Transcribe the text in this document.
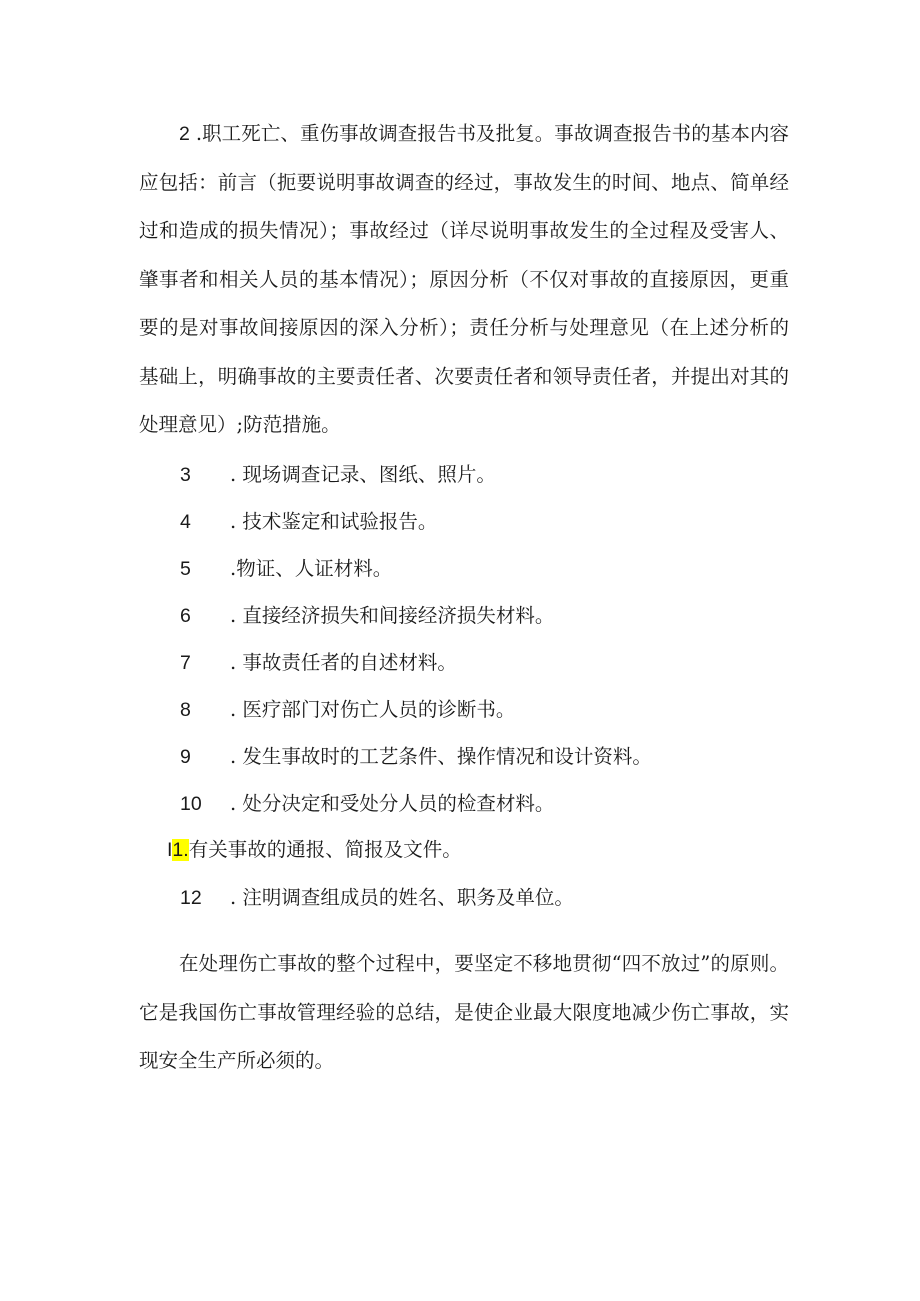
2 .职工死亡、重伤事故调查报告书及批复。事故调查报告书的基本内容应包括：前言（扼要说明事故调查的经过，事故发生的时间、地点、简单经过和造成的损失情况）；事故经过（详尽说明事故发生的全过程及受害人、肇事者和相关人员的基本情况）；原因分析（不仅对事故的直接原因，更重要的是对事故间接原因的深入分析）；责任分析与处理意见（在上述分析的基础上，明确事故的主要责任者、次要责任者和领导责任者，并提出对其的处理意见）;防范措施。

3 . 现场调查记录、图纸、照片。
4 . 技术鉴定和试验报告。
5 .物证、人证材料。
6 . 直接经济损失和间接经济损失材料。
7 . 事故责任者的自述材料。
8 . 医疗部门对伤亡人员的诊断书。
9 . 发生事故时的工艺条件、操作情况和设计资料。
10 . 处分决定和受处分人员的检查材料。
I1.有关事故的通报、简报及文件。
12 . 注明调查组成员的姓名、职务及单位。

在处理伤亡事故的整个过程中，要坚定不移地贯彻“四不放过”的原则。它是我国伤亡事故管理经验的总结，是使企业最大限度地减少伤亡事故，实现安全生产所必须的。
